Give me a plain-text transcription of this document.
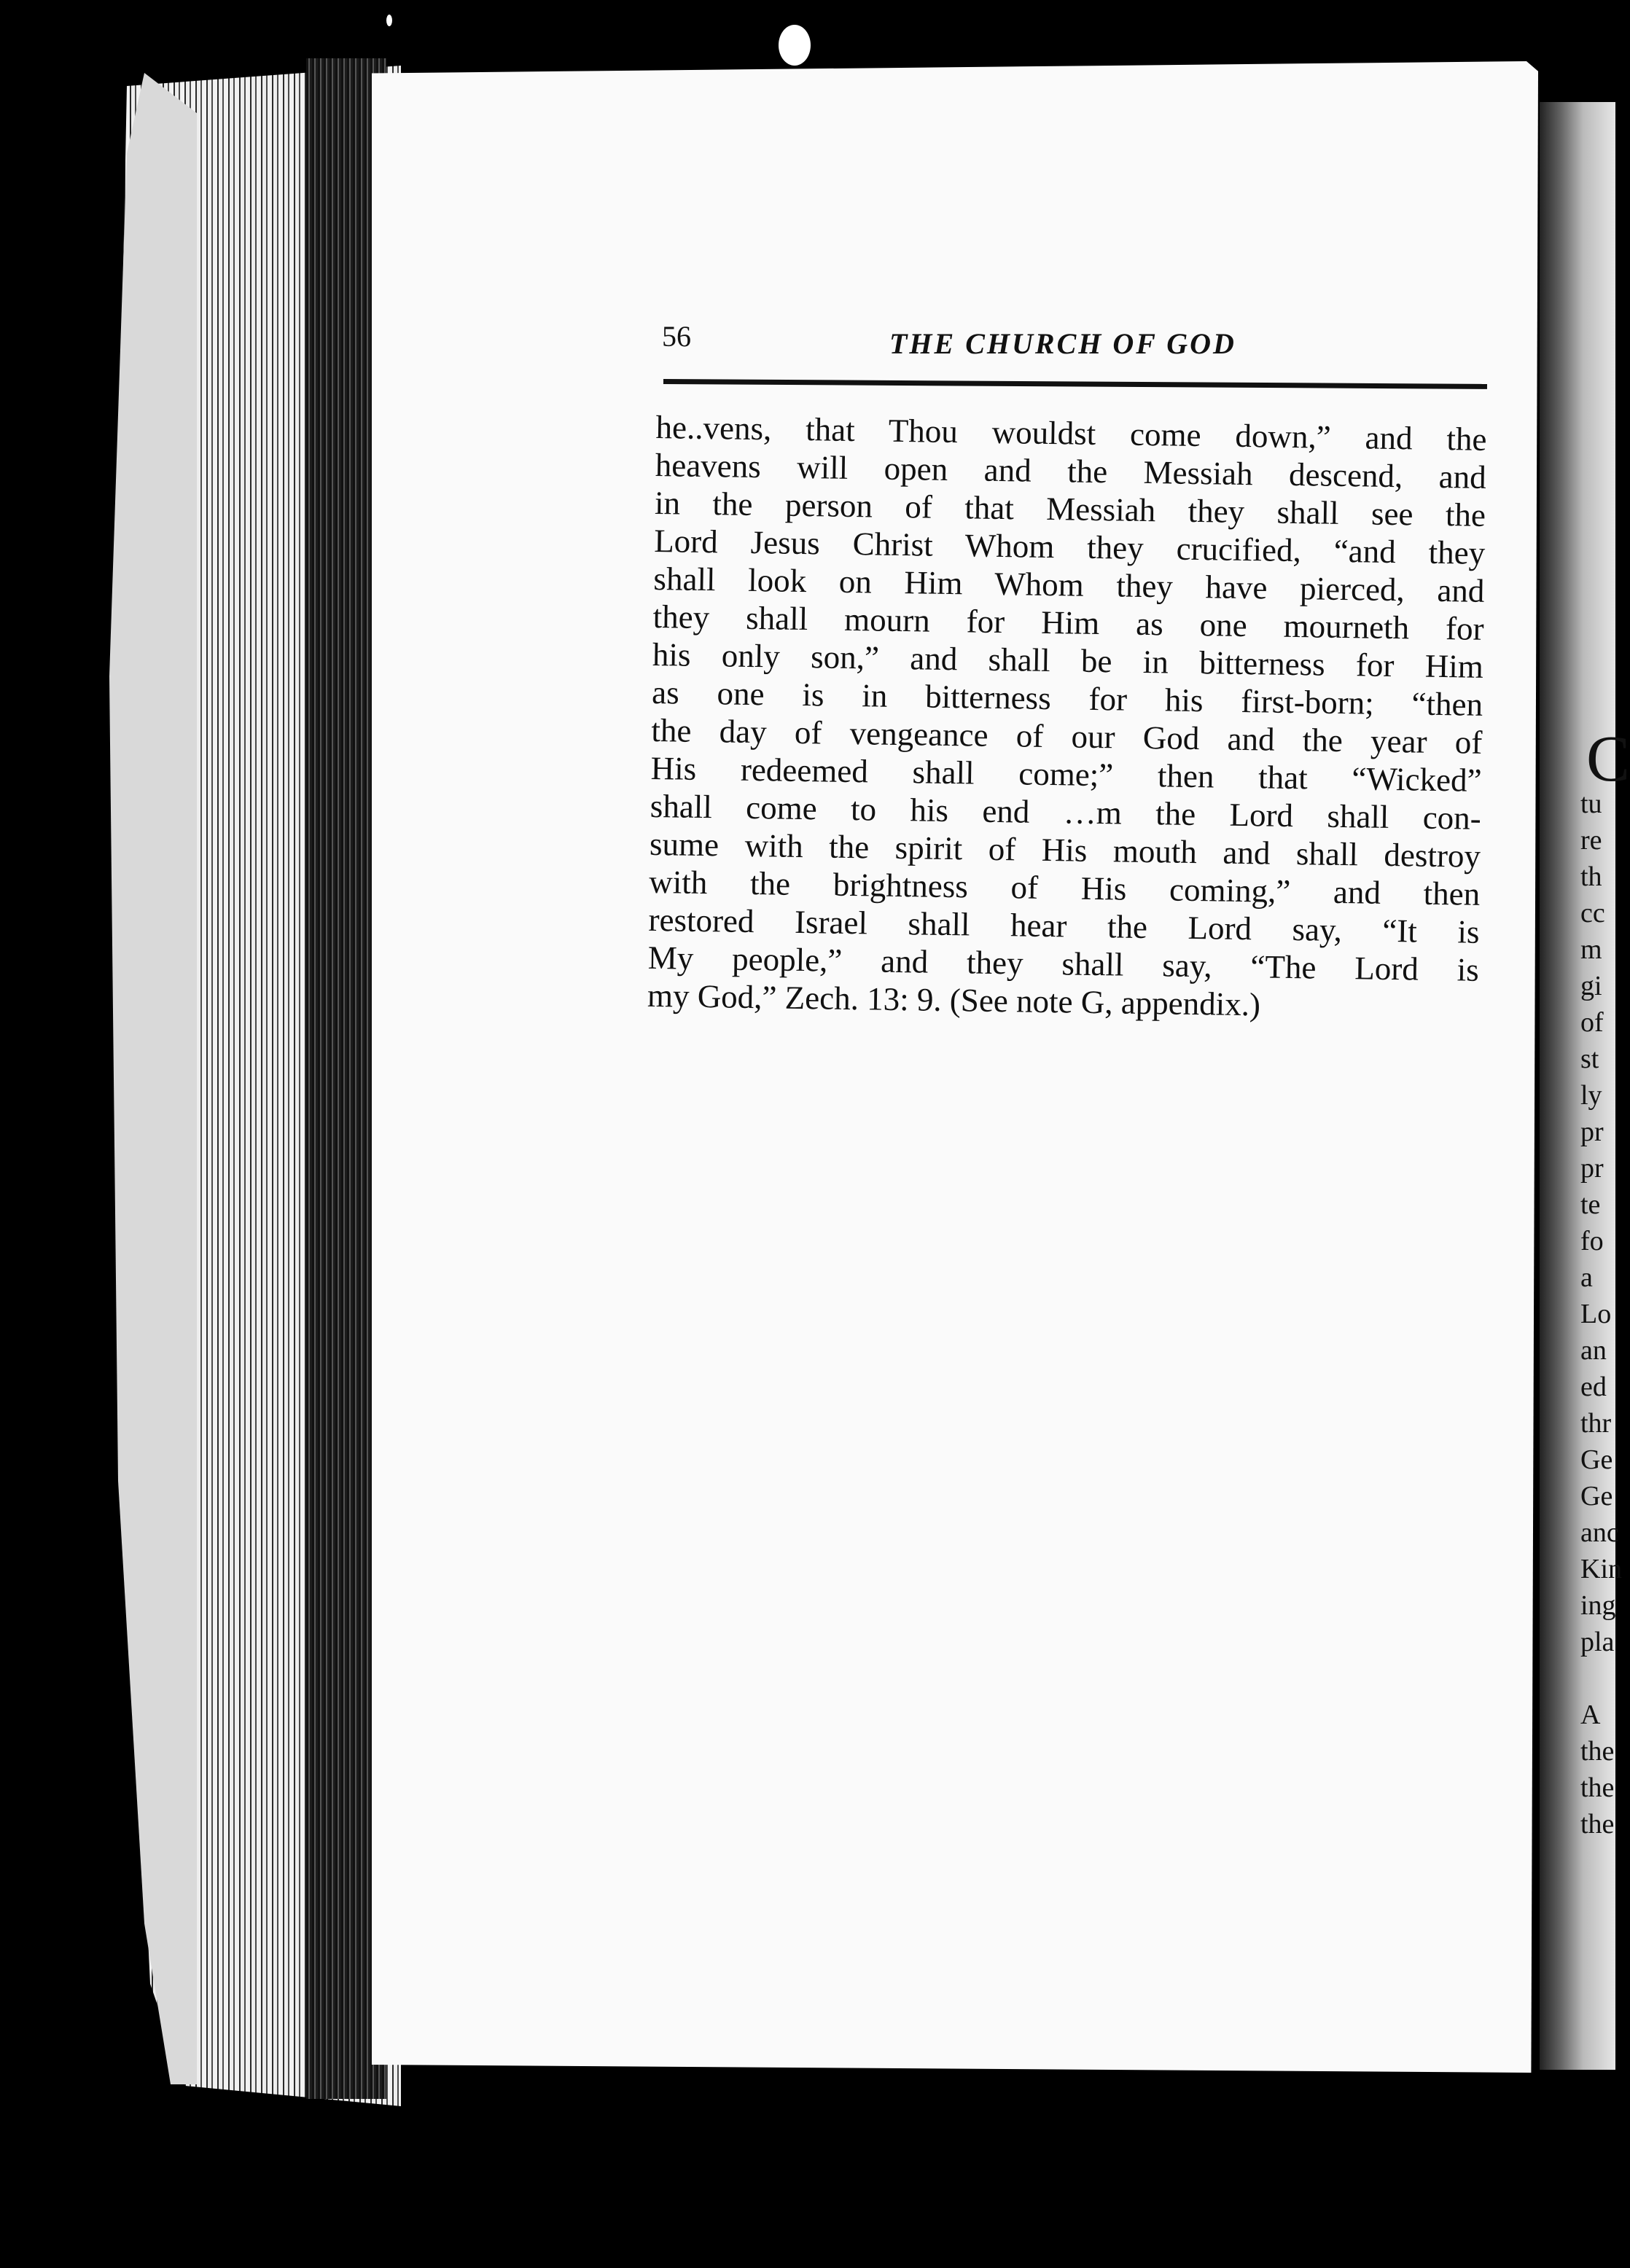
C
tu
re
th
cc
m
gi
of
st
ly
pr
pr
te
fo
a
Lo
an
ed
thr
Ge
Ge
anc
Kin
ing
pla

A
the
the
the
56	THE CHURCH OF GOD
he..vens, that Thou wouldst come down,” and the
heavens will open and the Messiah descend, and
in the person of that Messiah they shall see the
Lord Jesus Christ Whom they crucified, “and they
shall look on Him Whom they have pierced, and
they shall mourn for Him as one mourneth for
his only son,” and shall be in bitterness for Him
as one is in bitterness for his first-born; “then
the day of vengeance of our God and the year of
His redeemed shall come;” then that “Wicked”
shall come to his end …m the Lord shall con-
sume with the spirit of His mouth and shall destroy
with the brightness of His coming,” and then
restored Israel shall hear the Lord say, “It is
My people,” and they shall say, “The Lord is
my God,” Zech. 13: 9. (See note G, appendix.)
